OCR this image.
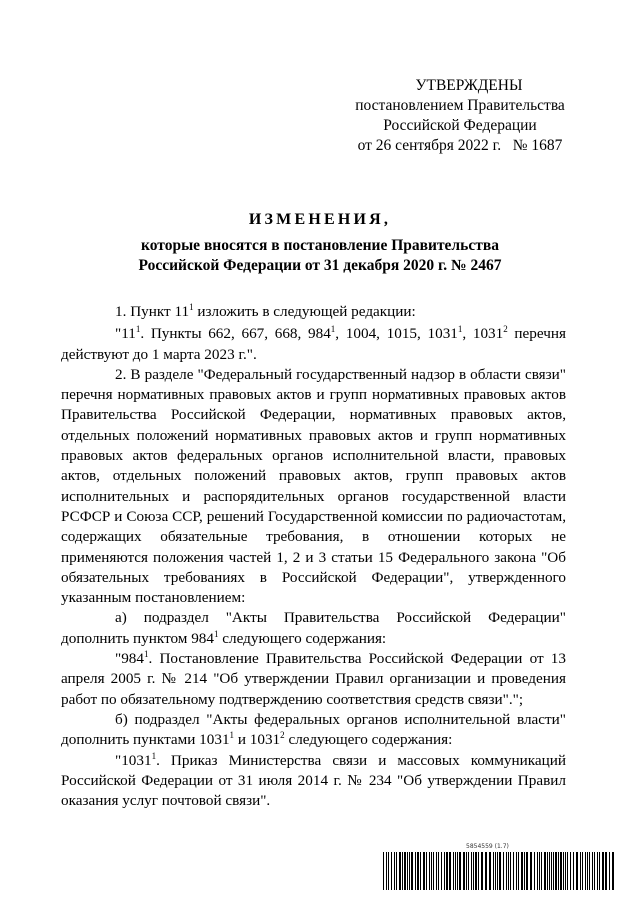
УТВЕРЖДЕНЫ
постановлением Правительства
Российской Федерации
от 26 сентября 2022 г.   № 1687
ИЗМЕНЕНИЯ,
которые вносятся в постановление Правительства
Российской Федерации от 31 декабря 2020 г. № 2467

1. Пункт $11^1$ изложить в следующей редакции:

"$11^1$. Пункты 662, 667, 668, $984^1$, 1004, 1015, 1031$^1$, 1031$^2$ перечня действуют до 1 марта 2023 г.".

2. В разделе "Федеральный государственный надзор в области связи" перечня нормативных правовых актов и групп нормативных правовых актов Правительства Российской Федерации, нормативных правовых актов, отдельных положений нормативных правовых актов и групп нормативных правовых актов федеральных органов исполнительной власти, правовых актов, отдельных положений правовых актов, групп правовых актов исполнительных и распорядительных органов государственной власти РСФСР и Союза ССР, решений Государственной комиссии по радиочастотам, содержащих обязательные требования, в отношении которых не применяются положения частей 1, 2 и 3 статьи 15 Федерального закона "Об обязательных требованиях в Российской Федерации", утвержденного указанным постановлением:

а) подраздел "Акты Правительства Российской Федерации" дополнить пунктом $984^1$ следующего содержания:

"$984^1$. Постановление Правительства Российской Федерации от 13 апреля 2005 г. № 214 "Об утверждении Правил организации и проведения работ по обязательному подтверждению соответствия средств связи".";

б) подраздел "Акты федеральных органов исполнительной власти" дополнить пунктами 1031$^1$ и 1031$^2$ следующего содержания:

"1031$^1$. Приказ Министерства связи и массовых коммуникаций Российской Федерации от 31 июля 2014 г. № 234 "Об утверждении Правил оказания услуг почтовой связи".

5854559 (1.7)
